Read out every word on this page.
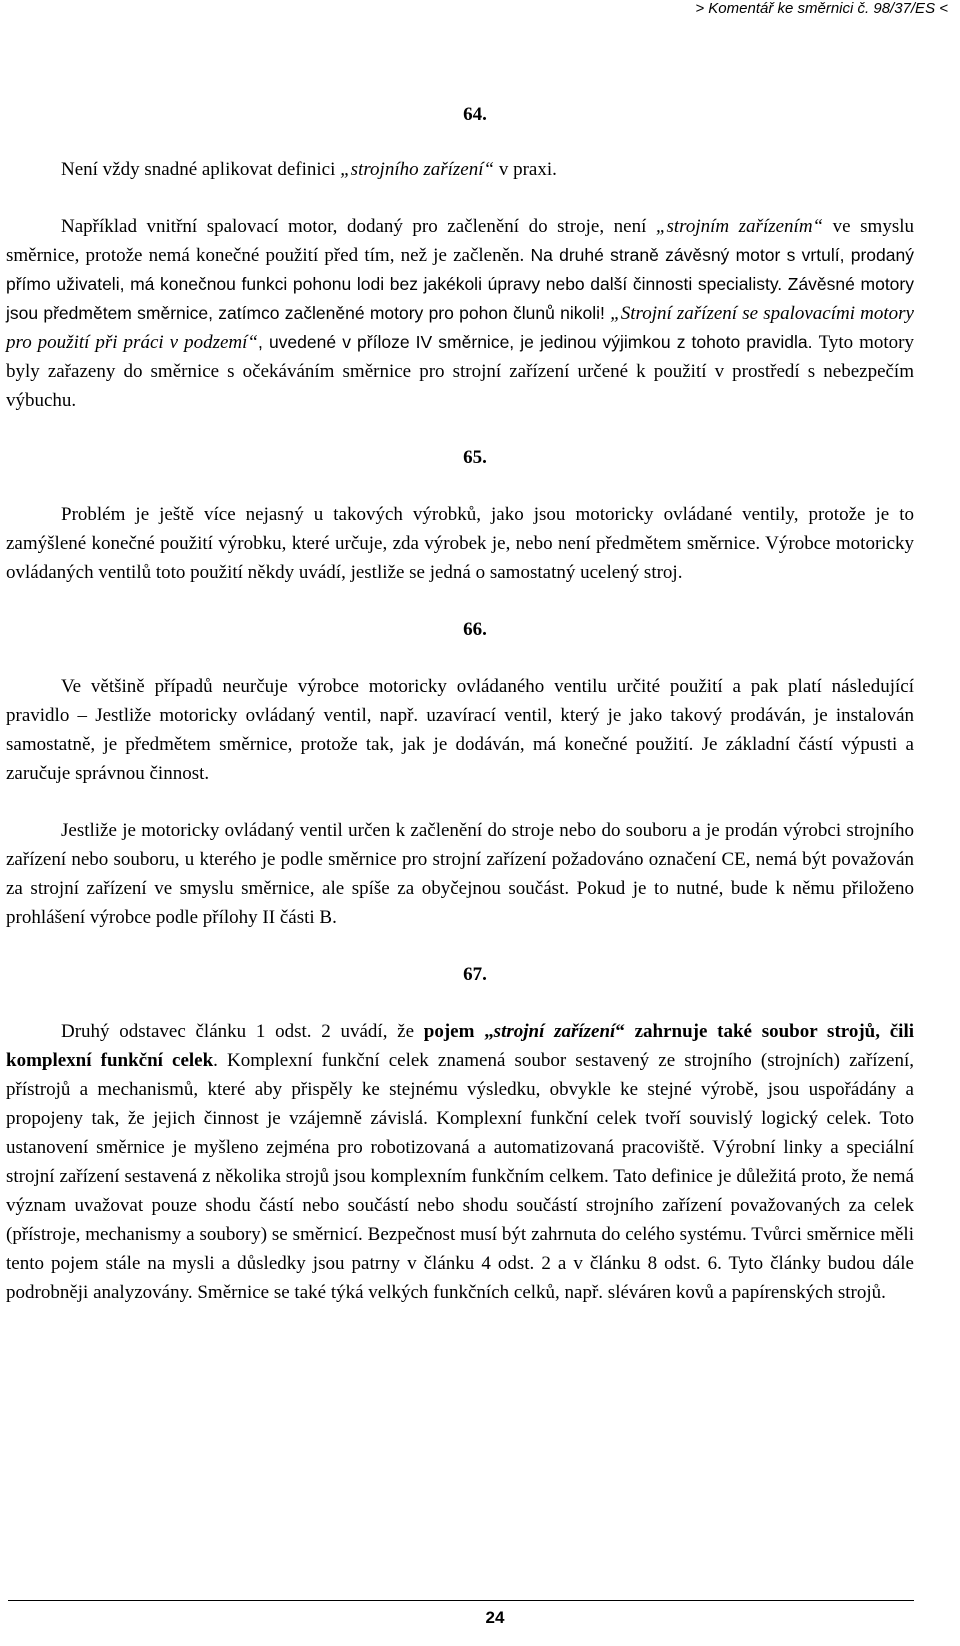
> Komentář ke směrnici č. 98/37/ES <
64.

Není vždy snadné aplikovat definici „strojního zařízení“ v praxi.

Například vnitřní spalovací motor, dodaný pro začlenění do stroje, není „strojním zařízením“ ve smyslu směrnice, protože nemá konečné použití před tím, než je začleněn. Na druhé straně závěsný motor s vrtulí, prodaný přímo uživateli, má konečnou funkci pohonu lodi bez jakékoli úpravy nebo další činnosti specialisty. Závěsné motory jsou předmětem směrnice, zatímco začleněné motory pro pohon člunů nikoli! „Strojní zařízení se spalovacími motory pro použití při práci v podzemí“, uvedené v příloze IV směrnice, je jedinou výjimkou z tohoto pravidla. Tyto motory byly zařazeny do směrnice s očekáváním směrnice pro strojní zařízení určené k použití v prostředí s nebezpečím výbuchu.

65.

Problém je ještě více nejasný u takových výrobků, jako jsou motoricky ovládané ventily, protože je to zamýšlené konečné použití výrobku, které určuje, zda výrobek je, nebo není předmětem směrnice. Výrobce motoricky ovládaných ventilů toto použití někdy uvádí, jestliže se jedná o samostatný ucelený stroj.

66.

Ve většině případů neurčuje výrobce motoricky ovládaného ventilu určité použití a pak platí následující pravidlo – Jestliže motoricky ovládaný ventil, např. uzavírací ventil, který je jako takový prodáván, je instalován samostatně, je předmětem směrnice, protože tak, jak je dodáván, má konečné použití. Je základní částí výpusti a zaručuje správnou činnost.

Jestliže je motoricky ovládaný ventil určen k začlenění do stroje nebo do souboru a je prodán výrobci strojního zařízení nebo souboru, u kterého je podle směrnice pro strojní zařízení požadováno označení CE, nemá být považován za strojní zařízení ve smyslu směrnice, ale spíše za obyčejnou součást. Pokud je to nutné, bude k němu přiloženo prohlášení výrobce podle přílohy II části B.

67.

Druhý odstavec článku 1 odst. 2 uvádí, že pojem „strojní zařízení“ zahrnuje také soubor strojů, čili komplexní funkční celek. Komplexní funkční celek znamená soubor sestavený ze strojního (strojních) zařízení, přístrojů a mechanismů, které aby přispěly ke stejnému výsledku, obvykle ke stejné výrobě, jsou uspořádány a propojeny tak, že jejich činnost je vzájemně závislá. Komplexní funkční celek tvoří souvislý logický celek. Toto ustanovení směrnice je myšleno zejména pro robotizovaná a automatizovaná pracoviště. Výrobní linky a speciální strojní zařízení sestavená z několika strojů jsou komplexním funkčním celkem. Tato definice je důležitá proto, že nemá význam uvažovat pouze shodu částí nebo součástí nebo shodu součástí strojního zařízení považovaných za celek (přístroje, mechanismy a soubory) se směrnicí. Bezpečnost musí být zahrnuta do celého systému. Tvůrci směrnice měli tento pojem stále na mysli a důsledky jsou patrny v článku 4 odst. 2 a v článku 8 odst. 6. Tyto články budou dále podrobněji analyzovány. Směrnice se také týká velkých funkčních celků, např. sléváren kovů a papírenských strojů.

24
